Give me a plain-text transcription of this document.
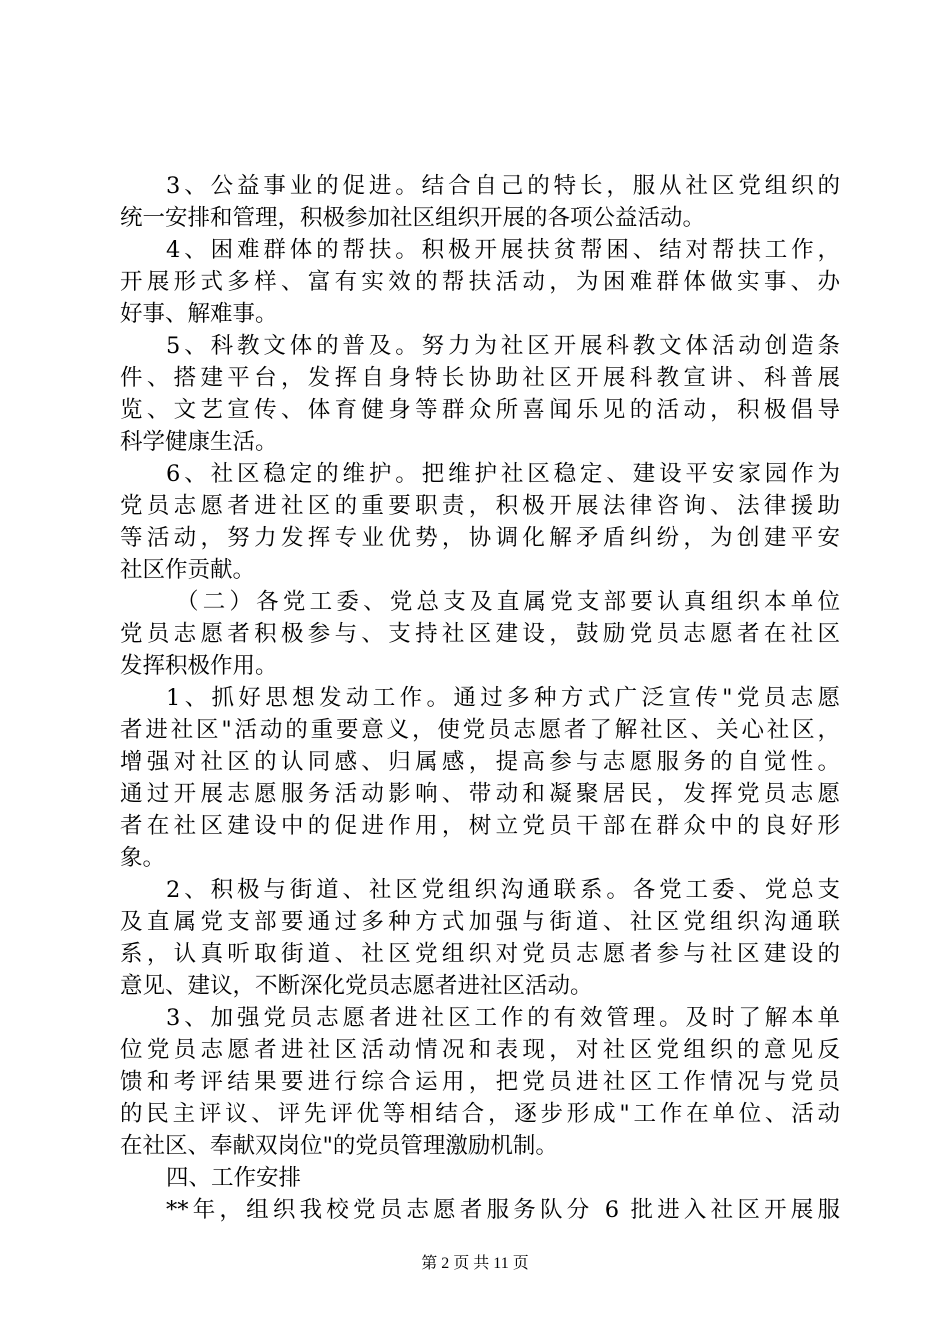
3、公益事业的促进。结合自己的特长，服从社区党组织的
统一安排和管理，积极参加社区组织开展的各项公益活动。
4、困难群体的帮扶。积极开展扶贫帮困、结对帮扶工作，
开展形式多样、富有实效的帮扶活动，为困难群体做实事、办
好事、解难事。
5、科教文体的普及。努力为社区开展科教文体活动创造条
件、搭建平台，发挥自身特长协助社区开展科教宣讲、科普展
览、文艺宣传、体育健身等群众所喜闻乐见的活动，积极倡导
科学健康生活。
6、社区稳定的维护。把维护社区稳定、建设平安家园作为
党员志愿者进社区的重要职责，积极开展法律咨询、法律援助
等活动，努力发挥专业优势，协调化解矛盾纠纷，为创建平安
社区作贡献。
（二）各党工委、党总支及直属党支部要认真组织本单位
党员志愿者积极参与、支持社区建设，鼓励党员志愿者在社区
发挥积极作用。
1、抓好思想发动工作。通过多种方式广泛宣传"党员志愿
者进社区"活动的重要意义，使党员志愿者了解社区、关心社区，
增强对社区的认同感、归属感，提高参与志愿服务的自觉性。
通过开展志愿服务活动影响、带动和凝聚居民，发挥党员志愿
者在社区建设中的促进作用，树立党员干部在群众中的良好形
象。
2、积极与街道、社区党组织沟通联系。各党工委、党总支
及直属党支部要通过多种方式加强与街道、社区党组织沟通联
系，认真听取街道、社区党组织对党员志愿者参与社区建设的
意见、建议，不断深化党员志愿者进社区活动。
3、加强党员志愿者进社区工作的有效管理。及时了解本单
位党员志愿者进社区活动情况和表现，对社区党组织的意见反
馈和考评结果要进行综合运用，把党员进社区工作情况与党员
的民主评议、评先评优等相结合，逐步形成"工作在单位、活动
在社区、奉献双岗位"的党员管理激励机制。
四、工作安排
**年，组织我校党员志愿者服务队分 6 批进入社区开展服
第 2 页 共 11 页
